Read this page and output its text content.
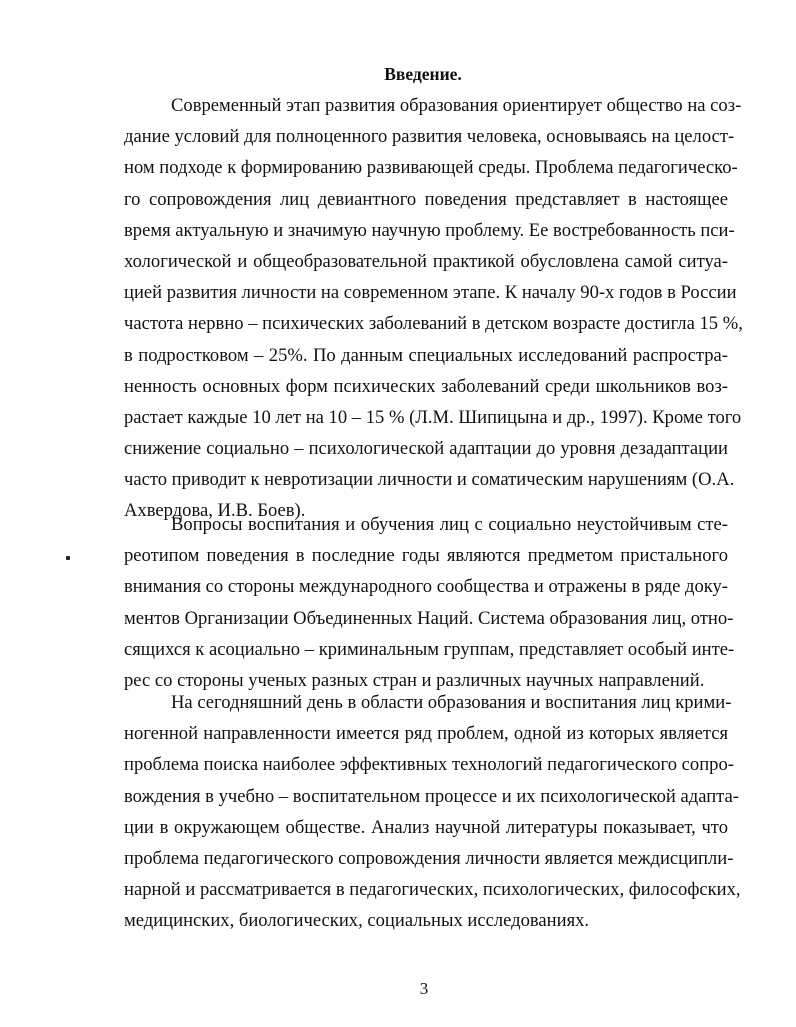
Введение.
Современный этап развития образования ориентирует общество на соз-
дание условий для полноценного развития человека, основываясь на целост-
ном подходе к формированию развивающей среды. Проблема педагогическо-
го сопровождения лиц девиантного поведения представляет в настоящее
время актуальную и значимую научную проблему. Ее востребованность пси-
хологической и общеобразовательной практикой обусловлена самой ситуа-
цией развития личности на современном этапе. К началу 90-х годов в России
частота нервно – психических заболеваний в детском возрасте достигла 15 %,
в подростковом – 25%. По данным специальных исследований распростра-
ненность основных форм психических заболеваний среди школьников воз-
растает каждые 10 лет на 10 – 15 % (Л.М. Шипицына и др., 1997). Кроме того
снижение социально – психологической адаптации до уровня дезадаптации
часто приводит к невротизации личности и соматическим нарушениям (О.А.
Ахвердова, И.В. Боев).
Вопросы воспитания и обучения лиц с социально неустойчивым сте-
реотипом поведения в последние годы являются предметом пристального
внимания со стороны международного сообщества и отражены в ряде доку-
ментов Организации Объединенных Наций. Система образования лиц, отно-
сящихся к асоциально – криминальным группам, представляет особый инте-
рес со стороны ученых разных стран и различных научных направлений.
На сегодняшний день в области образования и воспитания лиц крими-
ногенной направленности имеется ряд проблем, одной из которых является
проблема поиска наиболее эффективных технологий педагогического сопро-
вождения в учебно – воспитательном процессе и их психологической адапта-
ции в окружающем обществе. Анализ научной литературы показывает, что
проблема педагогического сопровождения личности является междисципли-
нарной и рассматривается в педагогических, психологических, философских,
медицинских, биологических, социальных исследованиях.
3
